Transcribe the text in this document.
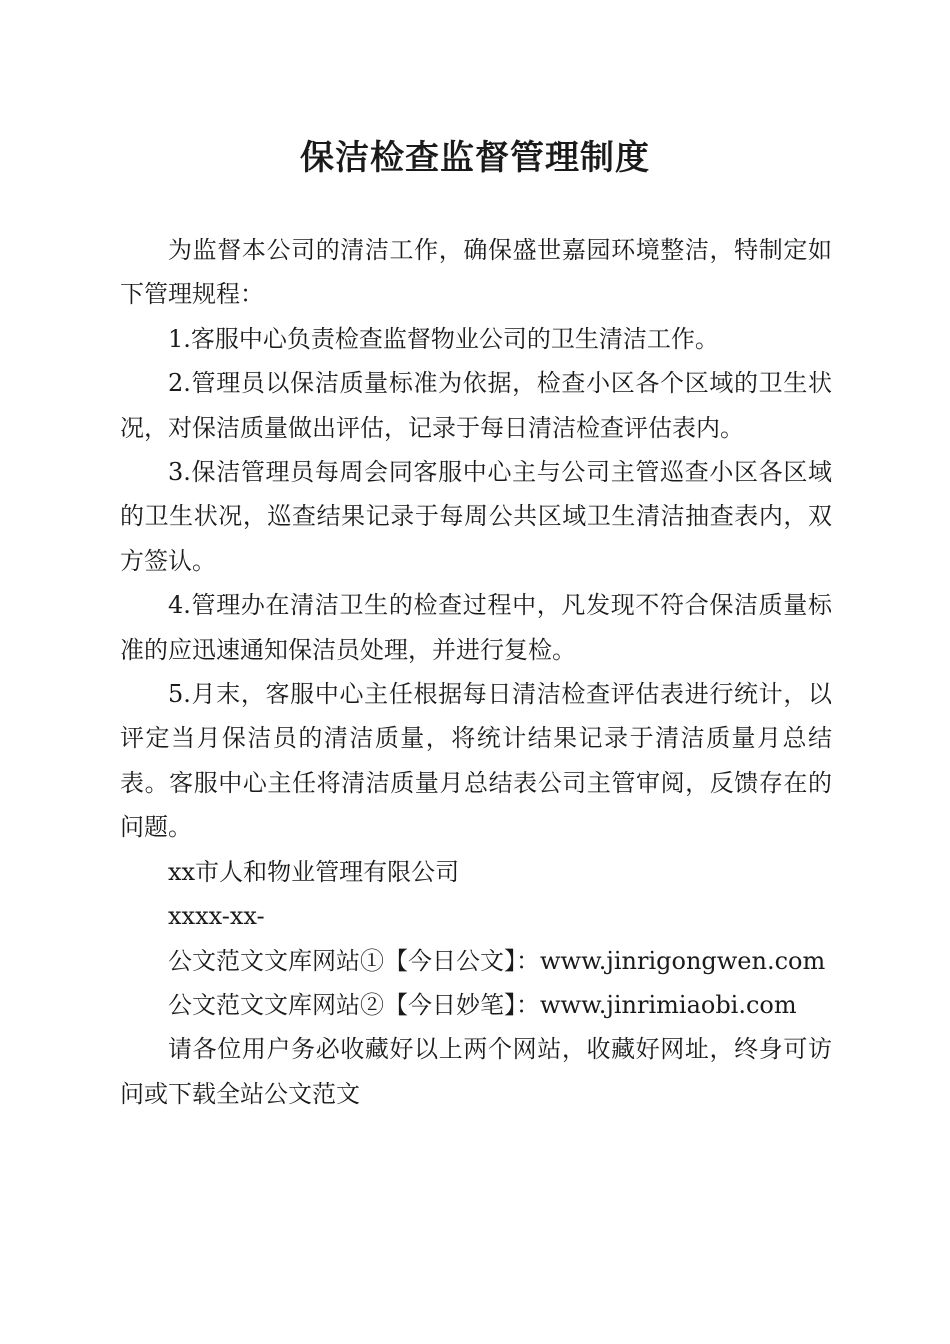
保洁检查监督管理制度

为监督本公司的清洁工作，确保盛世嘉园环境整洁，特制定如下管理规程：

1.客服中心负责检查监督物业公司的卫生清洁工作。

2.管理员以保洁质量标准为依据，检查小区各个区域的卫生状况，对保洁质量做出评估，记录于每日清洁检查评估表内。

3.保洁管理员每周会同客服中心主与公司主管巡查小区各区域的卫生状况，巡查结果记录于每周公共区域卫生清洁抽查表内，双方签认。

4.管理办在清洁卫生的检查过程中，凡发现不符合保洁质量标准的应迅速通知保洁员处理，并进行复检。

5.月末，客服中心主任根据每日清洁检查评估表进行统计，以评定当月保洁员的清洁质量，将统计结果记录于清洁质量月总结表。客服中心主任将清洁质量月总结表公司主管审阅，反馈存在的问题。

xx市人和物业管理有限公司

xxxx-xx-

公文范文文库网站①【今日公文】：www.jinrigongwen.com

公文范文文库网站②【今日妙笔】：www.jinrimiaobi.com

请各位用户务必收藏好以上两个网站，收藏好网址，终身可访问或下载全站公文范文
